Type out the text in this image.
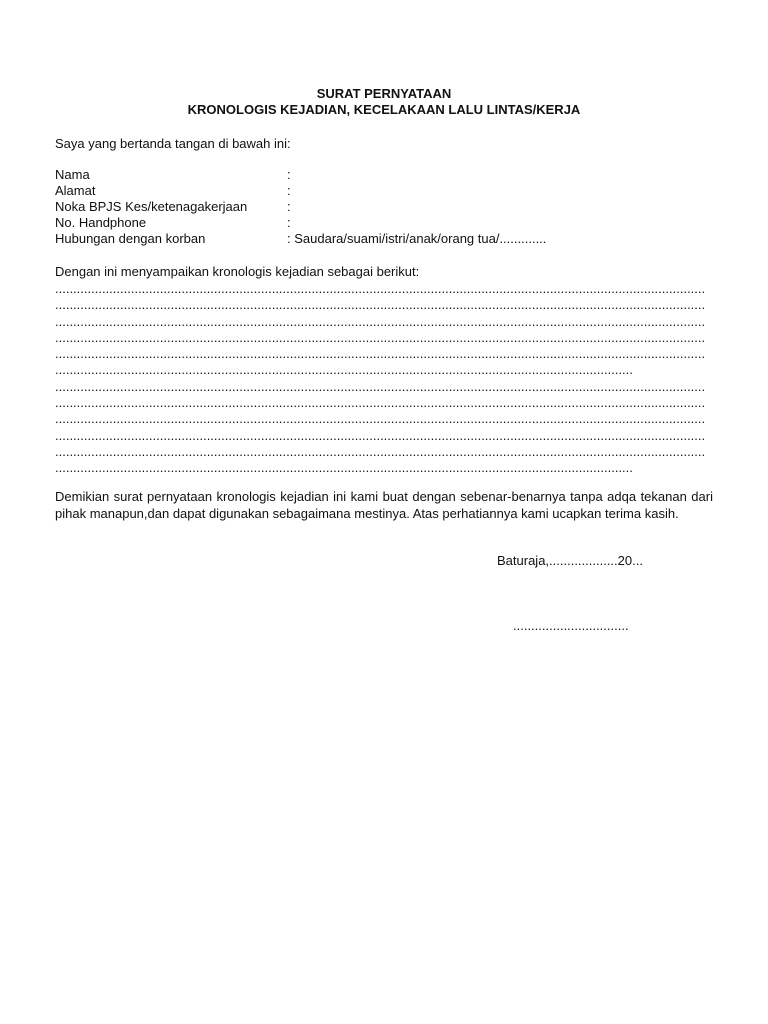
SURAT PERNYATAAN
KRONOLOGIS KEJADIAN, KECELAKAAN LALU LINTAS/KERJA
Saya yang bertanda tangan di bawah ini:
Nama	:
Alamat	:
Noka BPJS Kes/ketenagakerjaan	:
No. Handphone	:
Hubungan dengan korban	: Saudara/suami/istri/anak/orang tua/.............
Dengan ini menyampaikan kronologis kejadian sebagai berikut:
....................................................................................................................................................................................
....................................................................................................................................................................................
....................................................................................................................................................................................
....................................................................................................................................................................................
....................................................................................................................................................................................
................................................................................................................................................................
....................................................................................................................................................................................
....................................................................................................................................................................................
....................................................................................................................................................................................
....................................................................................................................................................................................
....................................................................................................................................................................................
................................................................................................................................................................
Demikian surat pernyataan kronologis kejadian ini kami buat dengan sebenar-benarnya tanpa adqa tekanan dari pihak manapun,dan dapat digunakan sebagaimana mestinya. Atas perhatiannya kami ucapkan terima kasih.
Baturaja,...................20...
................................
